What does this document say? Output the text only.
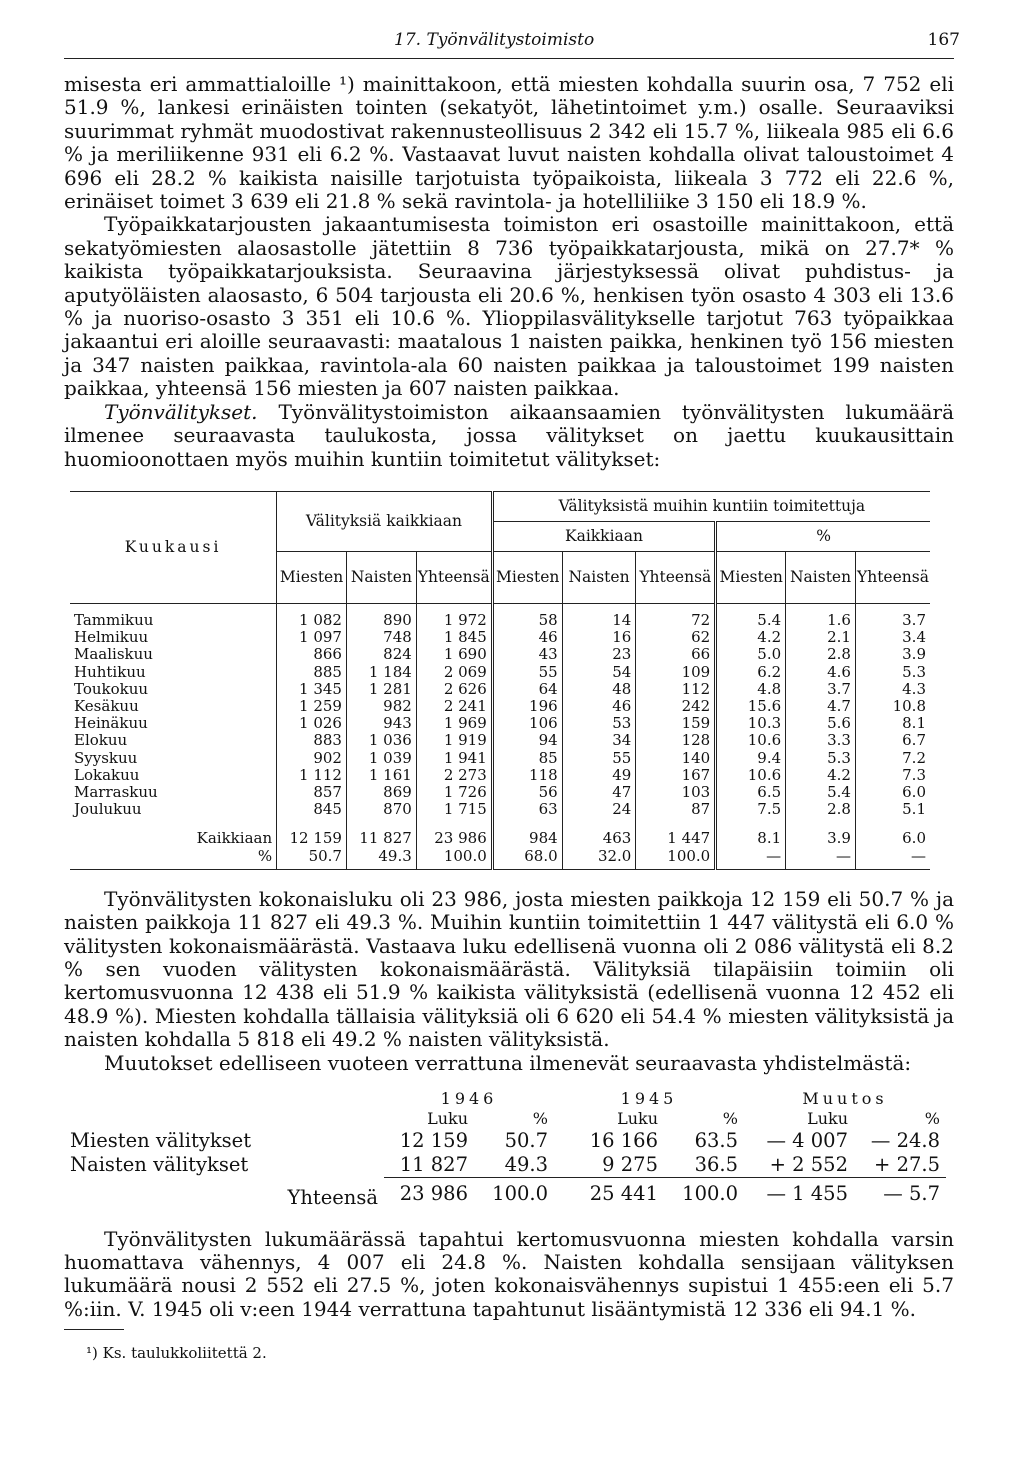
17. Työnvälitystoimisto	167

misesta eri ammattialoille ¹) mainittakoon, että miesten kohdalla suurin osa, 7 752 eli 51.9 %, lankesi erinäisten tointen (sekatyöt, lähetintoimet y.m.) osalle. Seuraaviksi suurimmat ryhmät muodostivat rakennusteollisuus 2 342 eli 15.7 %, liikeala 985 eli 6.6 % ja meriliikenne 931 eli 6.2 %. Vastaavat luvut naisten kohdalla olivat taloustoimet 4 696 eli 28.2 % kaikista naisille tarjotuista työpaikoista, liikeala 3 772 eli 22.6 %, erinäiset toimet 3 639 eli 21.8 % sekä ravintola- ja hotelliliike 3 150 eli 18.9 %.

Työpaikkatarjousten jakaantumisesta toimiston eri osastoille mainittakoon, että sekatyömiesten alaosastolle jätettiin 8 736 työpaikkatarjousta, mikä on 27.7* % kaikista työpaikkatarjouksista. Seuraavina järjestyksessä olivat puhdistus- ja aputyöläisten alaosasto, 6 504 tarjousta eli 20.6 %, henkisen työn osasto 4 303 eli 13.6 % ja nuoriso-osasto 3 351 eli 10.6 %. Ylioppilasvälitykselle tarjotut 763 työpaikkaa jakaantui eri aloille seuraavasti: maatalous 1 naisten paikka, henkinen työ 156 miesten ja 347 naisten paikkaa, ravintola-ala 60 naisten paikkaa ja taloustoimet 199 naisten paikkaa, yhteensä 156 miesten ja 607 naisten paikkaa.

Työnvälitykset. Työnvälitystoimiston aikaansaamien työnvälitysten lukumäärä ilmenee seuraavasta taulukosta, jossa välitykset on jaettu kuukausittain huomioonottaen myös muihin kuntiin toimitetut välitykset:

Kuukausi	Välityksiä kaikkiaan			Välityksistä muihin kuntiin toimitettuja					
				Kaikkiaan			%		
	Miesten	Naisten	Yhteensä	Miesten	Naisten	Yhteensä	Miesten	Naisten	Yhteensä
Tammikuu	1 082	890	1 972	58	14	72	5.4	1.6	3.7
Helmikuu	1 097	748	1 845	46	16	62	4.2	2.1	3.4
Maaliskuu	866	824	1 690	43	23	66	5.0	2.8	3.9
Huhtikuu	885	1 184	2 069	55	54	109	6.2	4.6	5.3
Toukokuu	1 345	1 281	2 626	64	48	112	4.8	3.7	4.3
Kesäkuu	1 259	982	2 241	196	46	242	15.6	4.7	10.8
Heinäkuu	1 026	943	1 969	106	53	159	10.3	5.6	8.1
Elokuu	883	1 036	1 919	94	34	128	10.6	3.3	6.7
Syyskuu	902	1 039	1 941	85	55	140	9.4	5.3	7.2
Lokakuu	1 112	1 161	2 273	118	49	167	10.6	4.2	7.3
Marraskuu	857	869	1 726	56	47	103	6.5	5.4	6.0
Joulukuu	845	870	1 715	63	24	87	7.5	2.8	5.1
Kaikkiaan	12 159	11 827	23 986	984	463	1 447	8.1	3.9	6.0
%	50.7	49.3	100.0	68.0	32.0	100.0	—	—	—

Työnvälitysten kokonaisluku oli 23 986, josta miesten paikkoja 12 159 eli 50.7 % ja naisten paikkoja 11 827 eli 49.3 %. Muihin kuntiin toimitettiin 1 447 välitystä eli 6.0 % välitysten kokonaismäärästä. Vastaava luku edellisenä vuonna oli 2 086 välitystä eli 8.2 % sen vuoden välitysten kokonaismäärästä. Välityksiä tilapäisiin toimiin oli kertomusvuonna 12 438 eli 51.9 % kaikista välityksistä (edellisenä vuonna 12 452 eli 48.9 %). Miesten kohdalla tällaisia välityksiä oli 6 620 eli 54.4 % miesten välityksistä ja naisten kohdalla 5 818 eli 49.2 % naisten välityksistä.

Muutokset edelliseen vuoteen verrattuna ilmenevät seuraavasta yhdistelmästä:

	1946		1945		Muutos	
	Luku	%	Luku	%	Luku	%
Miesten välitykset	12 159	50.7	16 166	63.5	— 4 007	— 24.8
Naisten välitykset	11 827	49.3	9 275	36.5	+ 2 552	+ 27.5
Yhteensä	23 986	100.0	25 441	100.0	— 1 455	— 5.7

Työnvälitysten lukumäärässä tapahtui kertomusvuonna miesten kohdalla varsin huomattava vähennys, 4 007 eli 24.8 %. Naisten kohdalla sensijaan välityksen lukumäärä nousi 2 552 eli 27.5 %, joten kokonaisvähennys supistui 1 455:een eli 5.7 %:iin. V. 1945 oli v:een 1944 verrattuna tapahtunut lisääntymistä 12 336 eli 94.1 %.

¹) Ks. taulukkoliitettä 2.
